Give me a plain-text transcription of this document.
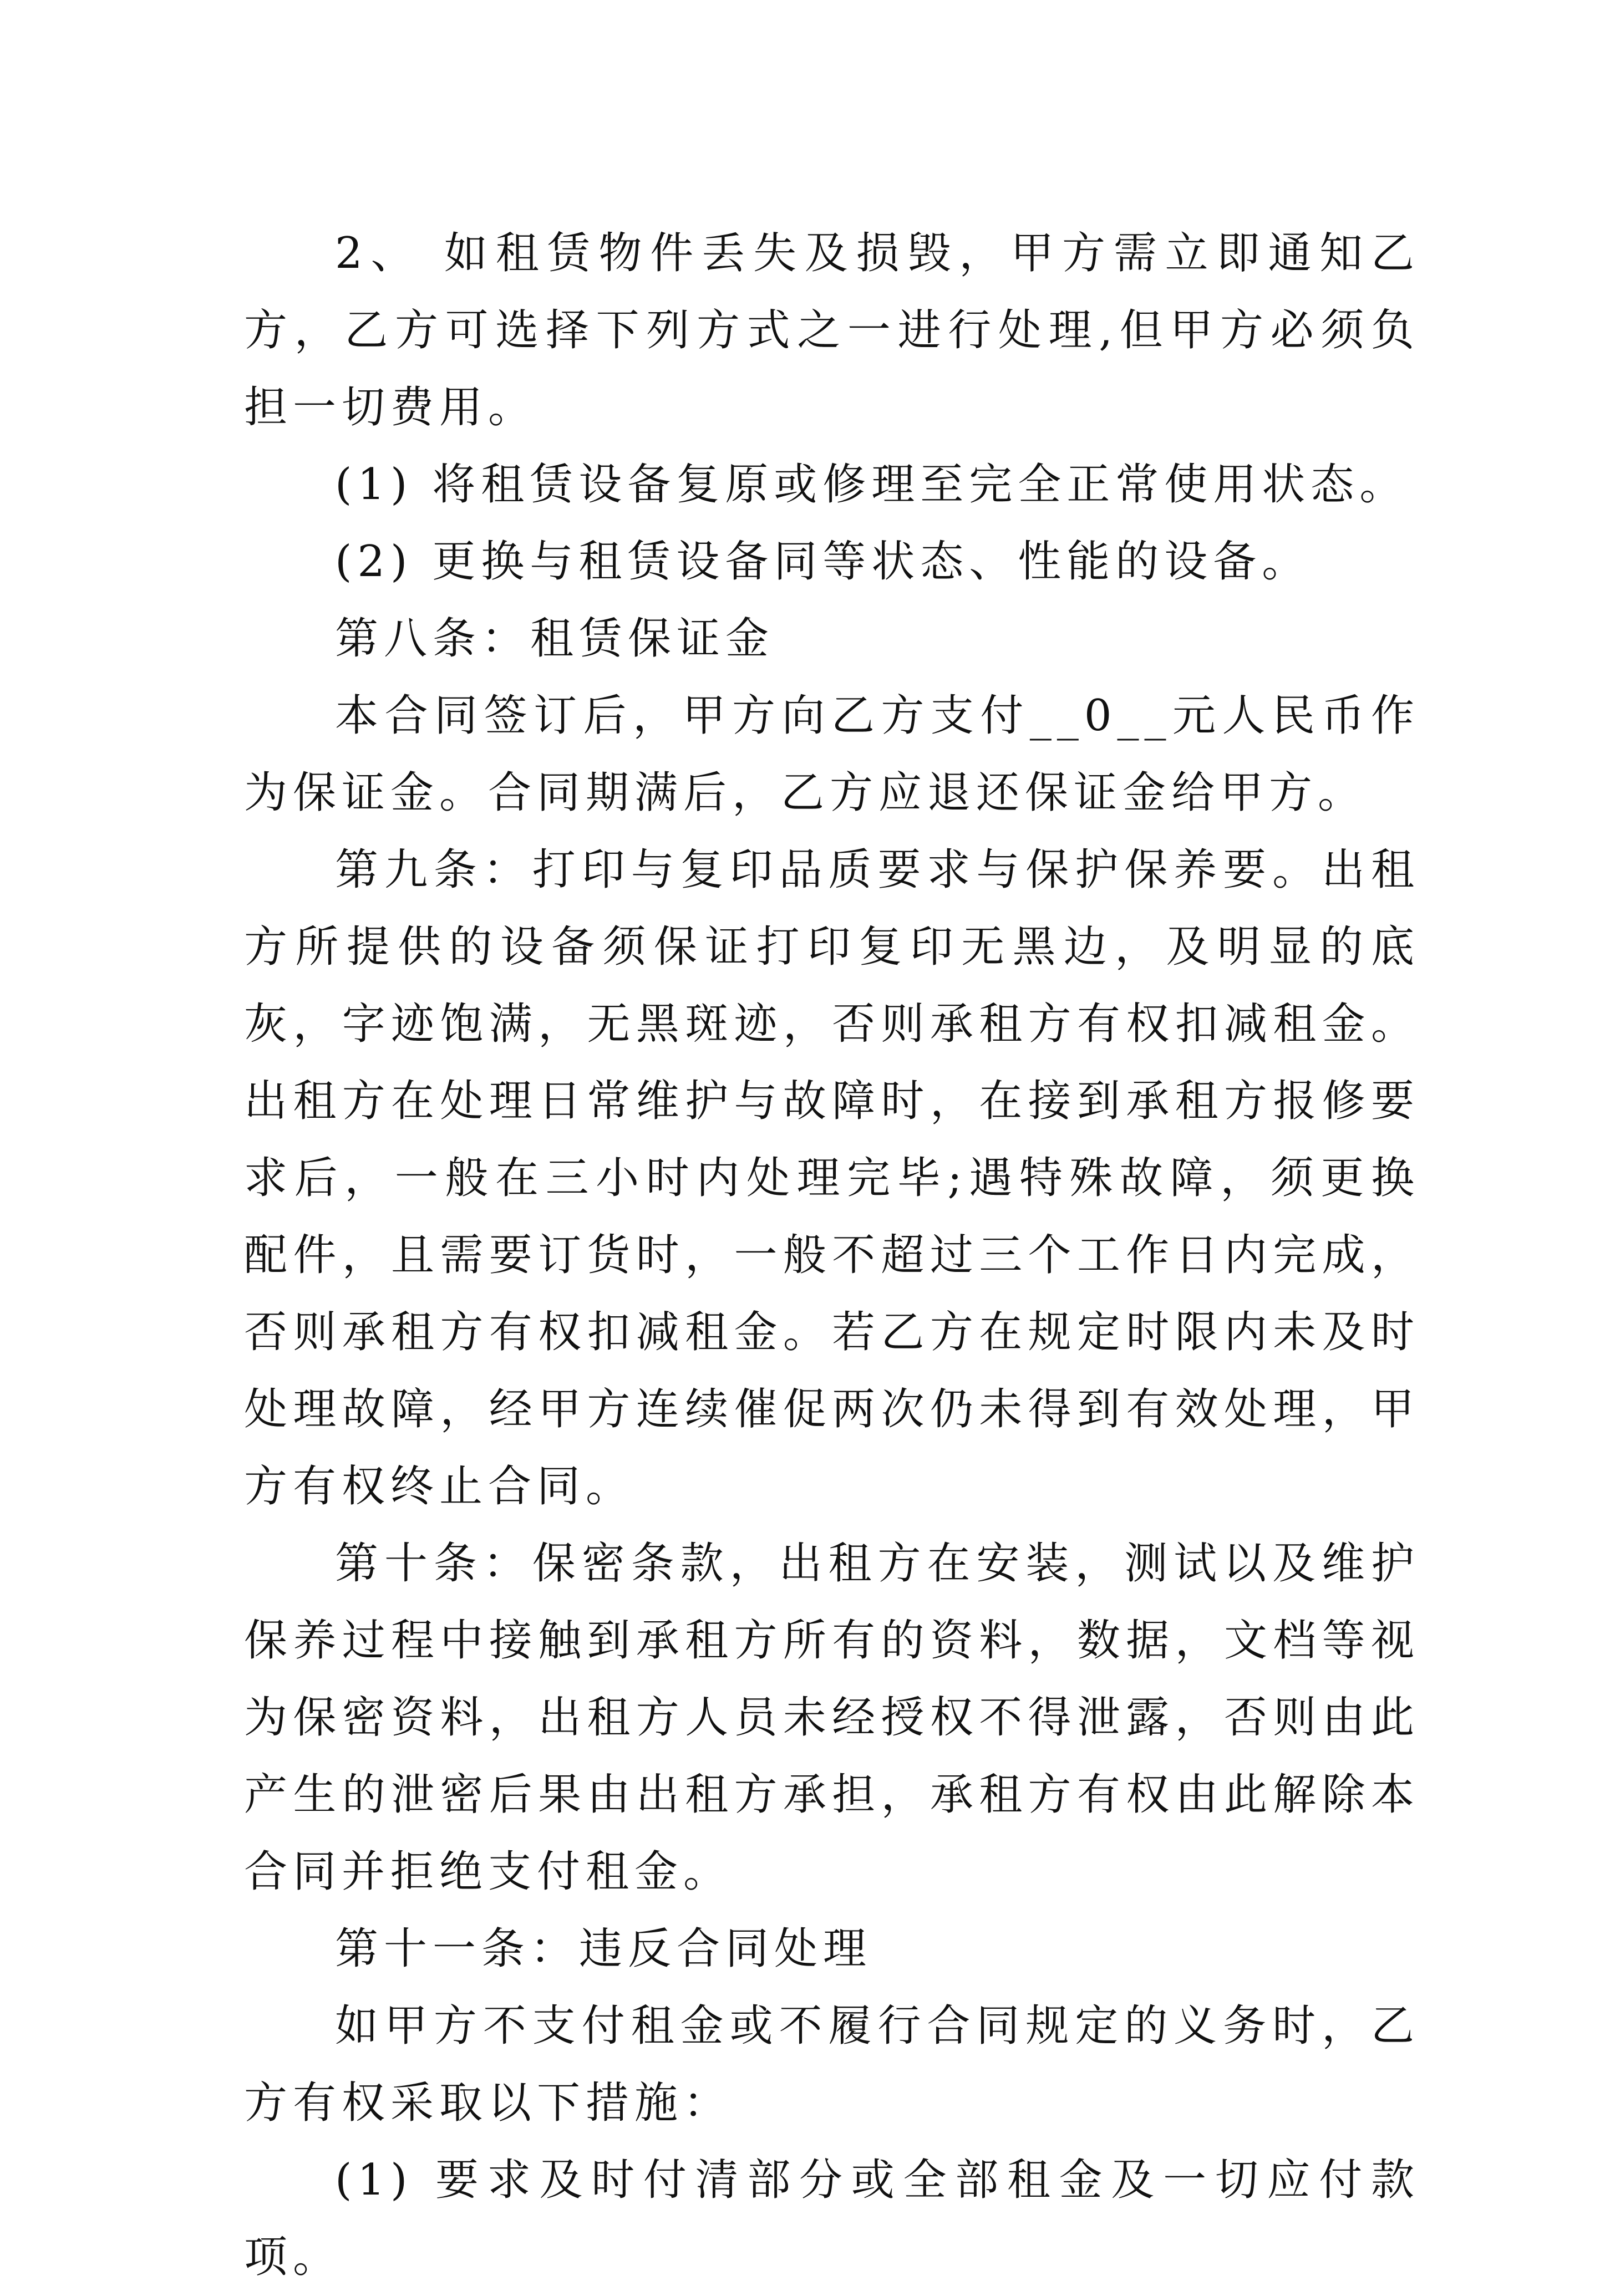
2、 如租赁物件丢失及损毁，甲方需立即通知乙方，乙方可选择下列方式之一进行处理,但甲方必须负担一切费用。

(1) 将租赁设备复原或修理至完全正常使用状态。

(2) 更换与租赁设备同等状态、性能的设备。

第八条：租赁保证金

本合同签订后，甲方向乙方支付__0__元人民币作为保证金。合同期满后，乙方应退还保证金给甲方。

第九条：打印与复印品质要求与保护保养要。出租方所提供的设备须保证打印复印无黑边，及明显的底灰，字迹饱满，无黑斑迹，否则承租方有权扣减租金。出租方在处理日常维护与故障时，在接到承租方报修要求后，一般在三小时内处理完毕;遇特殊故障，须更换配件，且需要订货时，一般不超过三个工作日内完成，否则承租方有权扣减租金。若乙方在规定时限内未及时处理故障，经甲方连续催促两次仍未得到有效处理，甲方有权终止合同。

第十条：保密条款，出租方在安装，测试以及维护保养过程中接触到承租方所有的资料，数据，文档等视为保密资料，出租方人员未经授权不得泄露，否则由此产生的泄密后果由出租方承担，承租方有权由此解除本合同并拒绝支付租金。

第十一条：违反合同处理

如甲方不支付租金或不履行合同规定的义务时，乙方有权采取以下措施：

(1) 要求及时付清部分或全部租金及一切应付款项。
